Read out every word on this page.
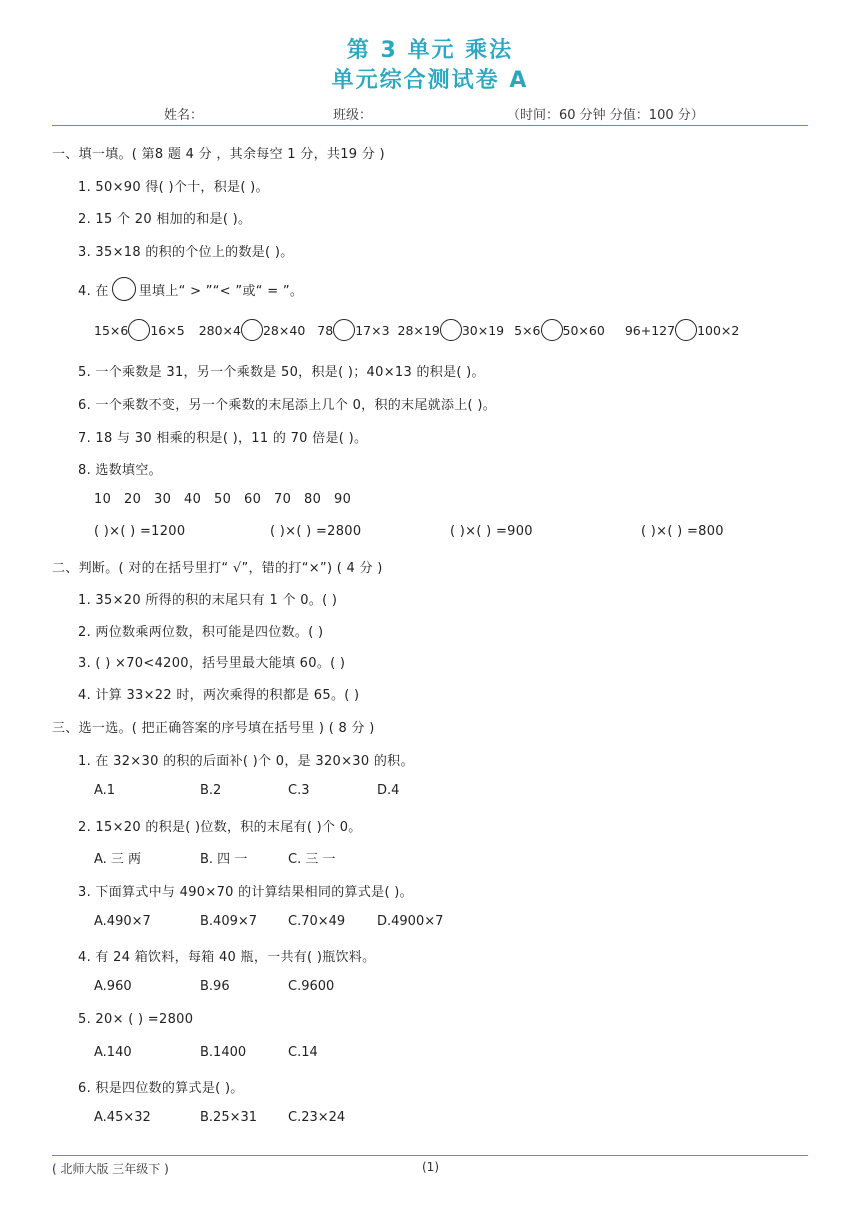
第 3 单元 乘法
单元综合测试卷 A
姓名：	班级：	（时间：60 分钟 分值：100 分）
一、填一填。( 第8 题 4 分 ，其余每空 1 分，共19 分 )
1. 50×90 得( )个十，积是( )。
2. 15 个 20 相加的和是( )。
3. 35×18 的积的个位上的数是( )。
4. 在 里填上“ > ”“< ”或“ = ”。
15×6 16×5 280×4 28×40 78 17×3 28×19 30×19 5×6 50×60 96+127 100×2
5. 一个乘数是 31，另一个乘数是 50，积是( )；40×13 的积是( )。
6. 一个乘数不变，另一个乘数的末尾添上几个 0，积的末尾就添上( )。
7. 18 与 30 相乘的积是( )，11 的 70 倍是( )。
8. 选数填空。
10 20 30 40 50 60 70 80 90
( )×( ) =1200	( )×( ) =2800	( )×( ) =900	( )×( ) =800
二、判断。( 对的在括号里打“ √”，错的打“×”) ( 4 分 )
1. 35×20 所得的积的末尾只有 1 个 0。( )
2. 两位数乘两位数，积可能是四位数。( )
3. ( ) ×70<4200，括号里最大能填 60。( )
4. 计算 33×22 时，两次乘得的积都是 65。( )
三、选一选。( 把正确答案的序号填在括号里 ) ( 8 分 )
1. 在 32×30 的积的后面补( )个 0，是 320×30 的积。
A.1	B.2	C.3	D.4
2. 15×20 的积是( )位数，积的末尾有( )个 0。
A. 三 两	B. 四 一	C. 三 一
3. 下面算式中与 490×70 的计算结果相同的算式是( )。
A.490×7	B.409×7 C.70×49 D.4900×7
4. 有 24 箱饮料，每箱 40 瓶，一共有( )瓶饮料。
A.960	B.96	C.9600
5. 20× ( ) =2800
A.140	B.1400	C.14
6. 积是四位数的算式是( )。
A.45×32	B.25×31 C.23×24
( 北师大版 三年级下 )	(1)
